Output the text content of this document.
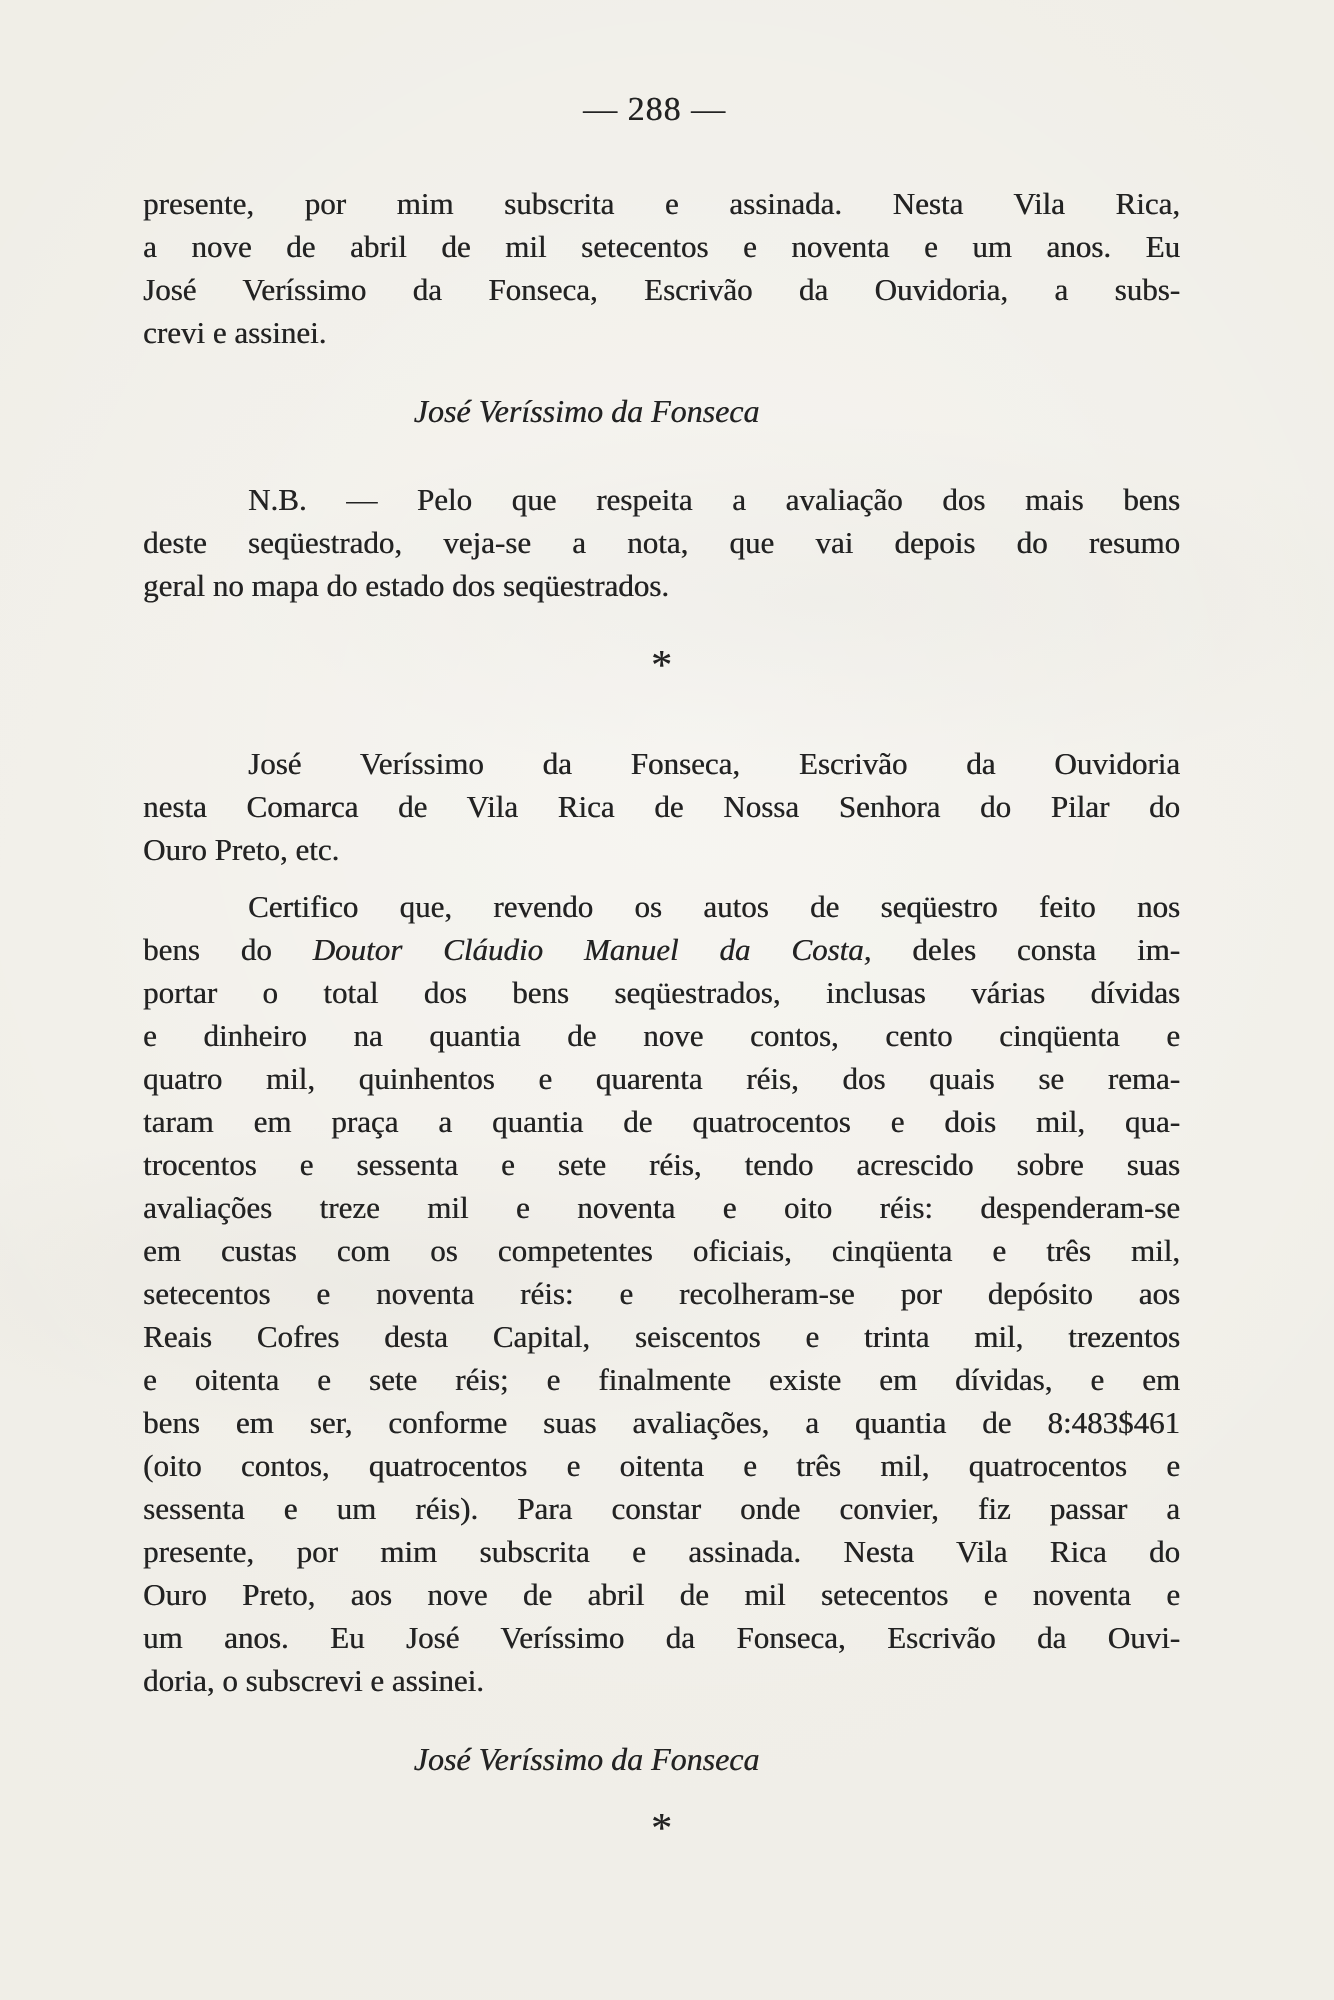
— 288 —
presente, por mim subscrita e assinada. Nesta Vila Rica,
a nove de abril de mil setecentos e noventa e um anos. Eu
José Veríssimo da Fonseca, Escrivão da Ouvidoria, a subs-
crevi e assinei.
José Veríssimo da Fonseca
N.B. — Pelo que respeita a avaliação dos mais bens
deste seqüestrado, veja-se a nota, que vai depois do resumo
geral no mapa do estado dos seqüestrados.
*
José Veríssimo da Fonseca, Escrivão da Ouvidoria
nesta Comarca de Vila Rica de Nossa Senhora do Pilar do
Ouro Preto, etc.
Certifico que, revendo os autos de seqüestro feito nos
bens do Doutor Cláudio Manuel da Costa, deles consta im-
portar o total dos bens seqüestrados, inclusas várias dívidas
e dinheiro na quantia de nove contos, cento cinqüenta e
quatro mil, quinhentos e quarenta réis, dos quais se rema-
taram em praça a quantia de quatrocentos e dois mil, qua-
trocentos e sessenta e sete réis, tendo acrescido sobre suas
avaliações treze mil e noventa e oito réis: despenderam-se
em custas com os competentes oficiais, cinqüenta e três mil,
setecentos e noventa réis: e recolheram-se por depósito aos
Reais Cofres desta Capital, seiscentos e trinta mil, trezentos
e oitenta e sete réis; e finalmente existe em dívidas, e em
bens em ser, conforme suas avaliações, a quantia de 8:483$461
(oito contos, quatrocentos e oitenta e três mil, quatrocentos e
sessenta e um réis). Para constar onde convier, fiz passar a
presente, por mim subscrita e assinada. Nesta Vila Rica do
Ouro Preto, aos nove de abril de mil setecentos e noventa e
um anos. Eu José Veríssimo da Fonseca, Escrivão da Ouvi-
doria, o subscrevi e assinei.
José Veríssimo da Fonseca
*
